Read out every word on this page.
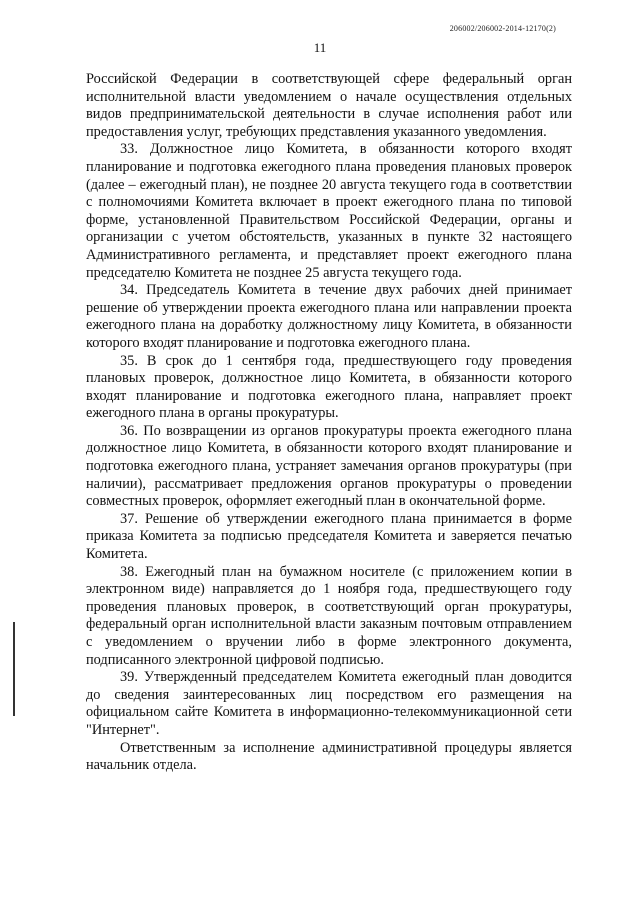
206002/206002-2014-12170(2)
11

Российской Федерации в соответствующей сфере федеральный орган исполнительной власти уведомлением о начале осуществления отдельных видов предпринимательской деятельности в случае исполнения работ или предоставления услуг, требующих представления указанного уведомления.

33. Должностное лицо Комитета, в обязанности которого входят планирование и подготовка ежегодного плана проведения плановых проверок (далее – ежегодный план), не позднее 20 августа текущего года в соответствии с полномочиями Комитета включает в проект ежегодного плана по типовой форме, установленной Правительством Российской Федерации, органы и организации с учетом обстоятельств, указанных в пункте 32 настоящего Административного регламента, и представляет проект ежегодного плана председателю Комитета не позднее 25 августа текущего года.

34. Председатель Комитета в течение двух рабочих дней принимает решение об утверждении проекта ежегодного плана или направлении проекта ежегодного плана на доработку должностному лицу Комитета, в обязанности которого входят планирование и подготовка ежегодного плана.

35. В срок до 1 сентября года, предшествующего году проведения плановых проверок, должностное лицо Комитета, в обязанности которого входят планирование и подготовка ежегодного плана, направляет проект ежегодного плана в органы прокуратуры.

36. По возвращении из органов прокуратуры проекта ежегодного плана должностное лицо Комитета, в обязанности которого входят планирование и подготовка ежегодного плана, устраняет замечания органов прокуратуры (при наличии), рассматривает предложения органов прокуратуры о проведении совместных проверок, оформляет ежегодный план в окончательной форме.

37. Решение об утверждении ежегодного плана принимается в форме приказа Комитета за подписью председателя Комитета и заверяется печатью Комитета.

38. Ежегодный план на бумажном носителе (с приложением копии в электронном виде) направляется до 1 ноября года, предшествующего году проведения плановых проверок, в соответствующий орган прокуратуры, федеральный орган исполнительной власти заказным почтовым отправлением с уведомлением о вручении либо в форме электронного документа, подписанного электронной цифровой подписью.

39. Утвержденный председателем Комитета ежегодный план доводится до сведения заинтересованных лиц посредством его размещения на официальном сайте Комитета в информационно-телекоммуникационной сети "Интернет".

Ответственным за исполнение административной процедуры является начальник отдела.
